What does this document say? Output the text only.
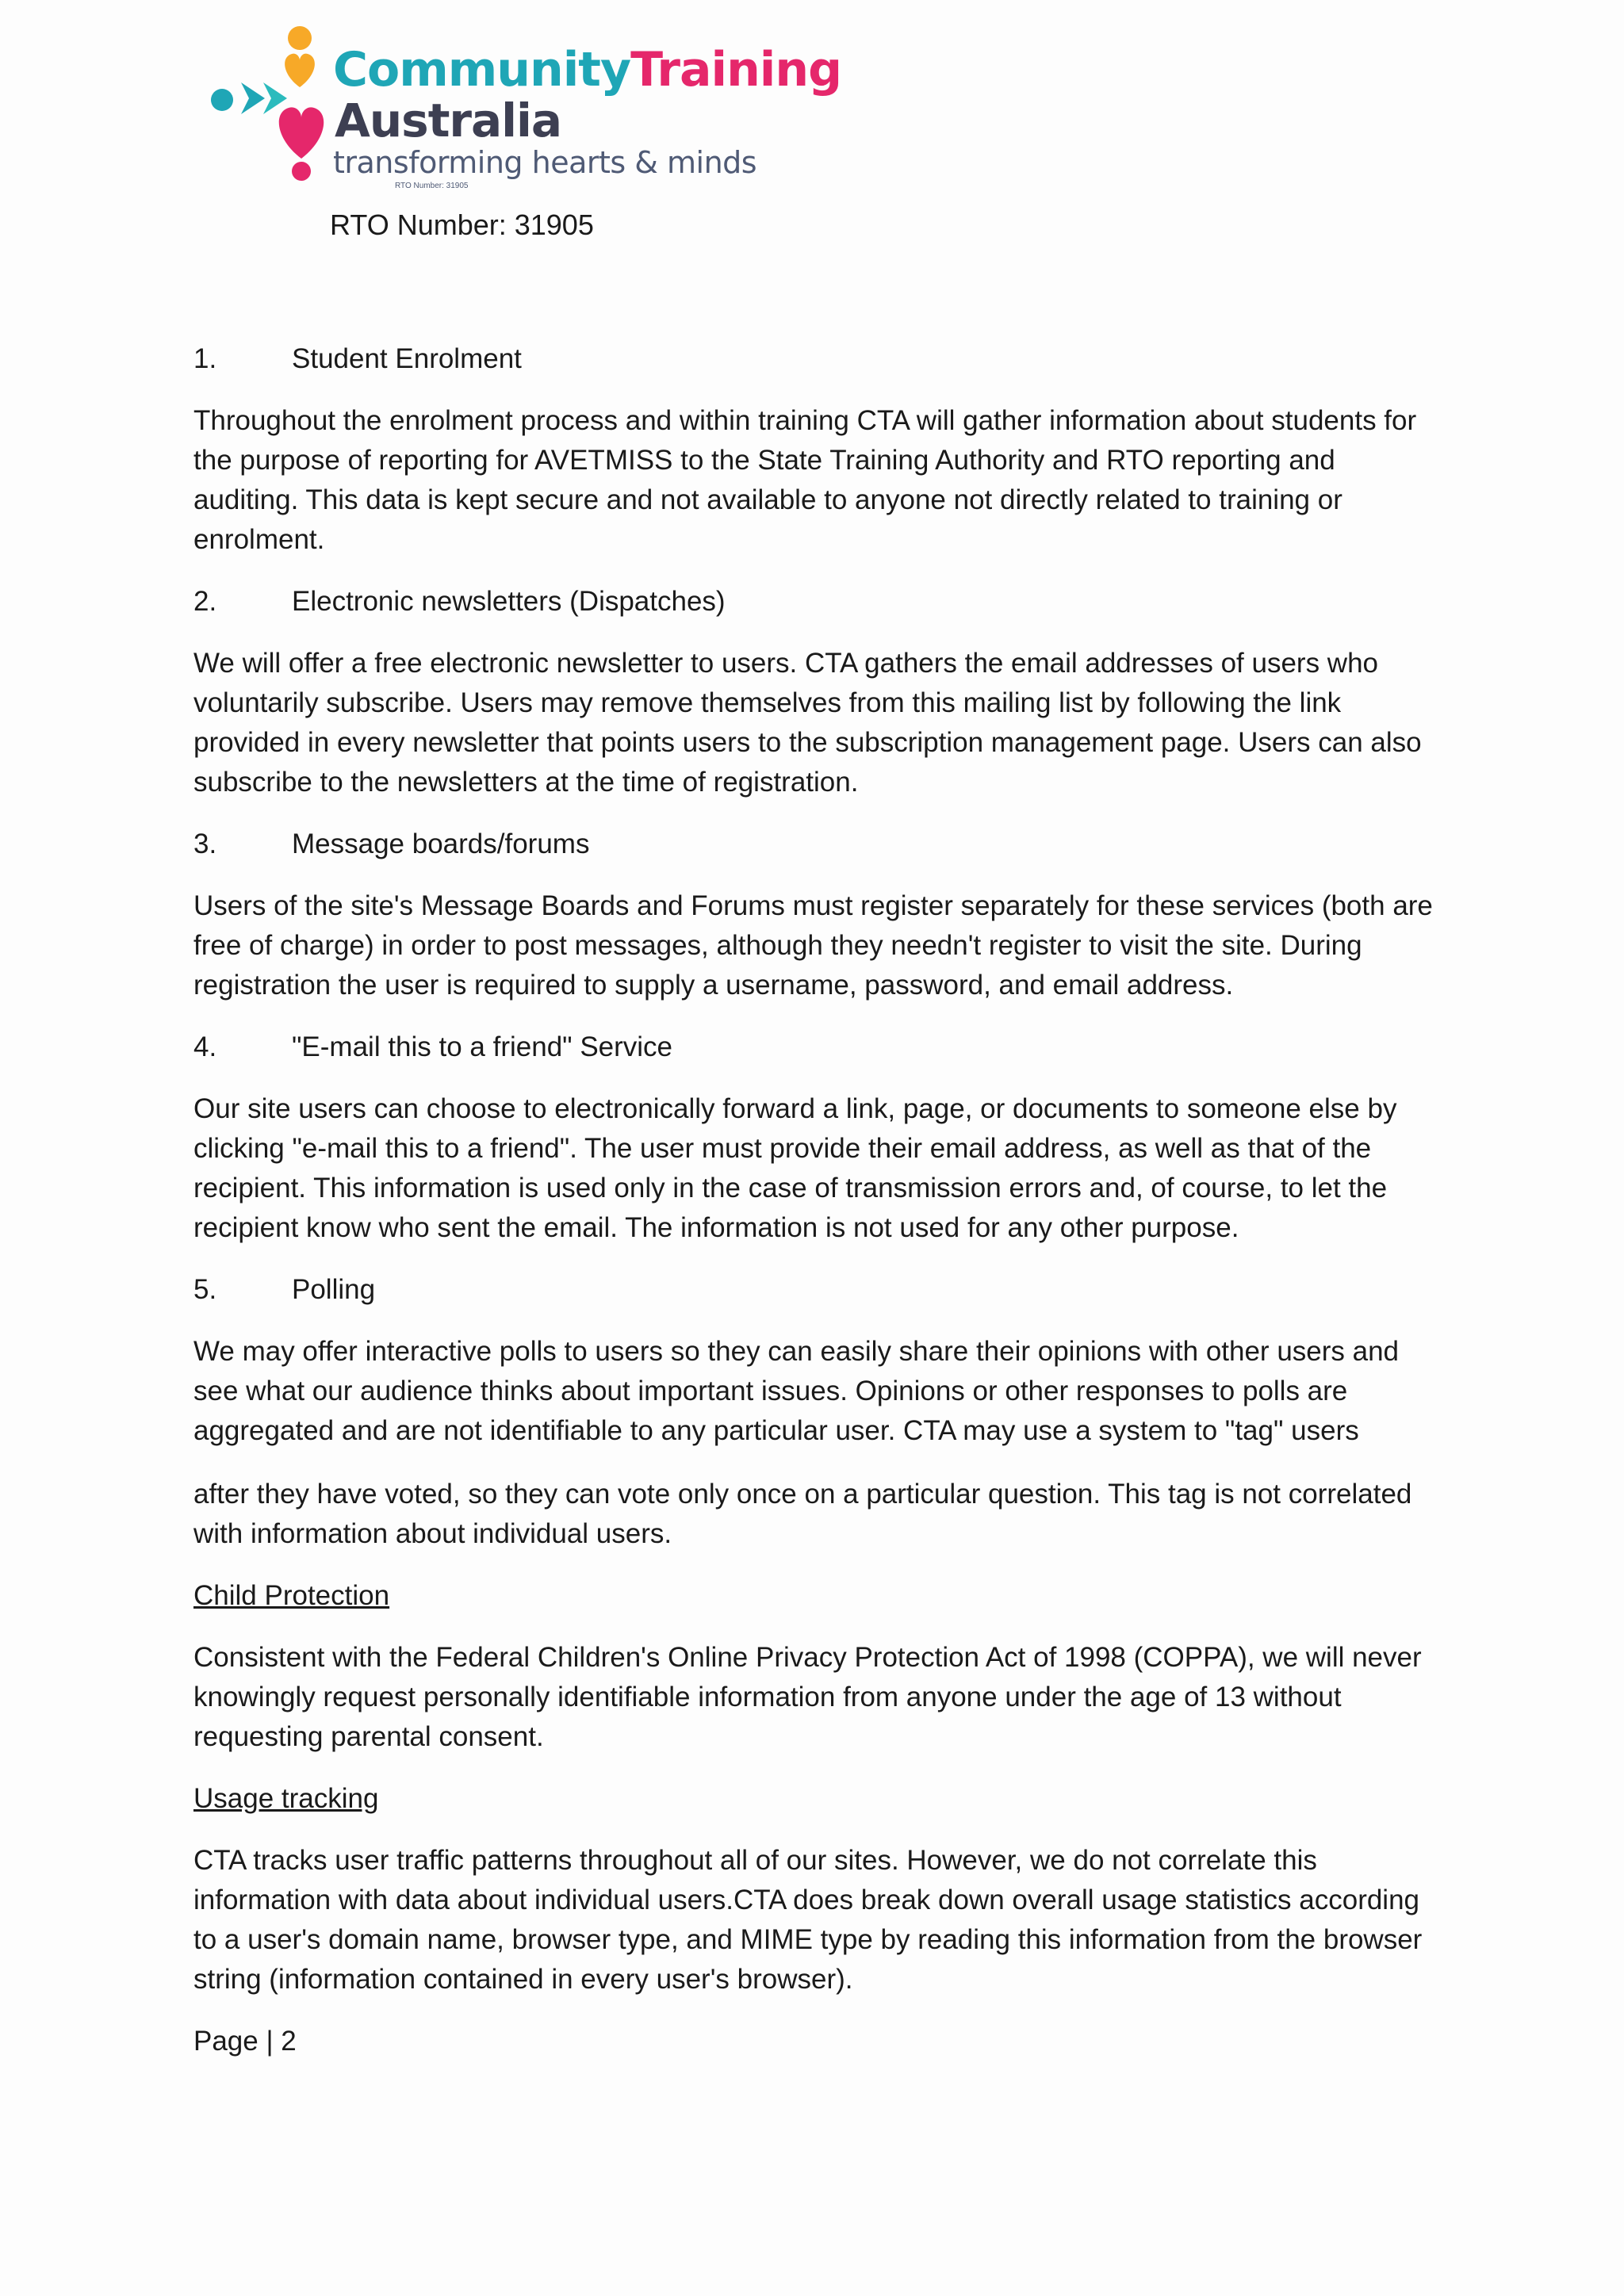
CommunityTraining
Australia
transforming hearts & minds
RTO Number: 31905
RTO Number: 31905
1.	Student Enrolment

Throughout the enrolment process and within training CTA will gather information about students for the purpose of reporting for AVETMISS to the State Training Authority and RTO reporting and auditing. This data is kept secure and not available to anyone not directly related to training or enrolment.

2.	Electronic newsletters (Dispatches)

We will offer a free electronic newsletter to users. CTA gathers the email addresses of users who voluntarily subscribe. Users may remove themselves from this mailing list by following the link provided in every newsletter that points users to the subscription management page. Users can also subscribe to the newsletters at the time of registration.

3.	Message boards/forums

Users of the site's Message Boards and Forums must register separately for these services (both are free of charge) in order to post messages, although they needn't register to visit the site. During registration the user is required to supply a username, password, and email address.

4.	"E-mail this to a friend" Service

Our site users can choose to electronically forward a link, page, or documents to someone else by clicking "e-mail this to a friend". The user must provide their email address, as well as that of the recipient. This information is used only in the case of transmission errors and, of course, to let the recipient know who sent the email. The information is not used for any other purpose.

5.	Polling

We may offer interactive polls to users so they can easily share their opinions with other users and see what our audience thinks about important issues. Opinions or other responses to polls are aggregated and are not identifiable to any particular user. CTA may use a system to "tag" users

after they have voted, so they can vote only once on a particular question. This tag is not correlated with information about individual users.

Child Protection

Consistent with the Federal Children's Online Privacy Protection Act of 1998 (COPPA), we will never knowingly request personally identifiable information from anyone under the age of 13 without requesting parental consent.

Usage tracking

CTA tracks user traffic patterns throughout all of our sites. However, we do not correlate this information with data about individual users.CTA does break down overall usage statistics according to a user's domain name, browser type, and MIME type by reading this information from the browser string (information contained in every user's browser).

Page | 2
